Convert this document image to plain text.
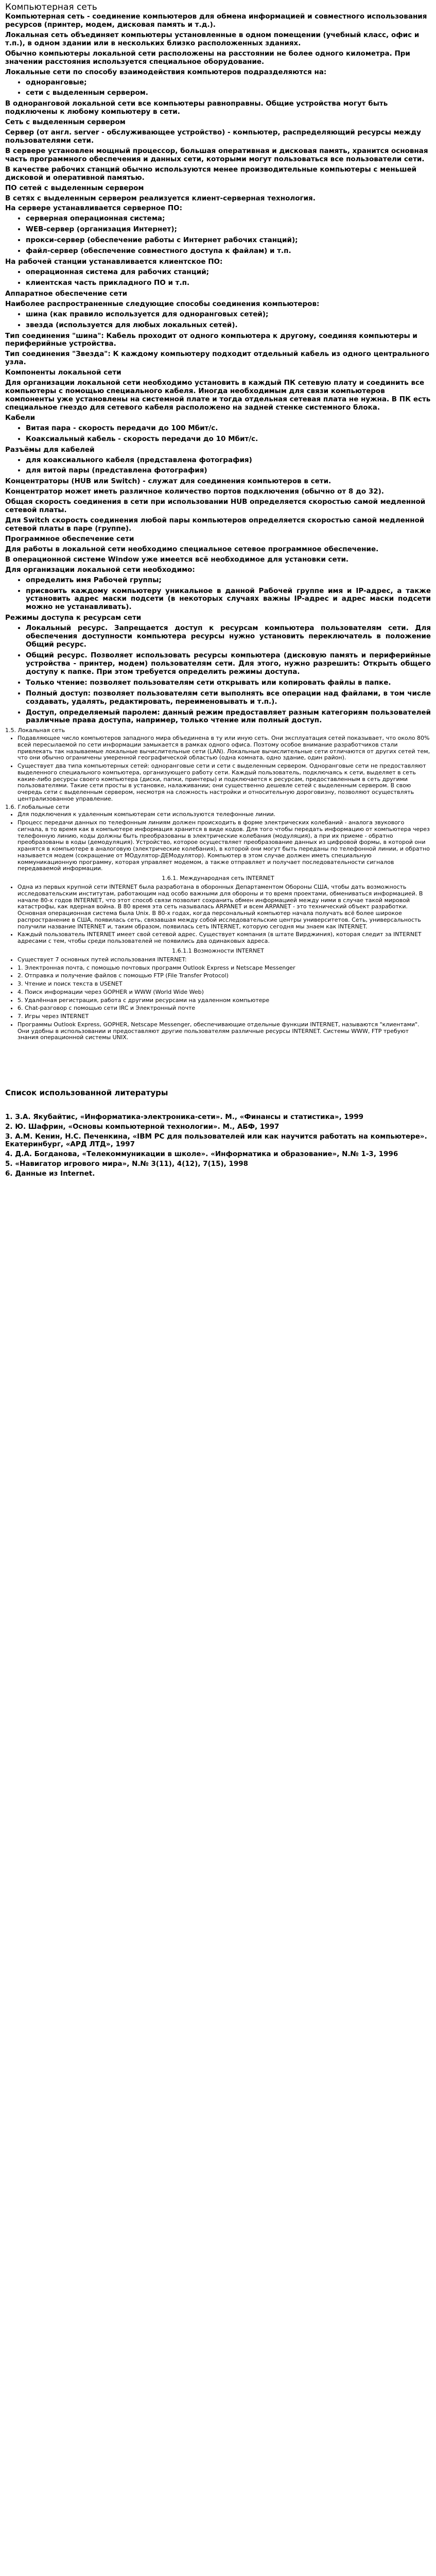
Компьютерная сеть

Компьютерная сеть - соединение компьютеров для обмена информацией и совместного использования ресурсов (принтер, модем, дисковая память и т.д.).

Локальная сеть объединяет компьютеры установленные в одном помещении (учебный класс, офис и т.п.), в одном здании или в нескольких близко расположенных зданиях.

Обычно компьютеры локальной сети расположены на расстоянии не более одного километра. При значении расстояния используется специальное оборудование.

Локальные сети по способу взаимодействия компьютеров подразделяются на:

• одноранговые;
• сети с выделенным сервером.

В одноранговой локальной сети все компьютеры равноправны. Общие устройства могут быть подключены к любому компьютеру в сети.

Сеть с выделенным сервером

Сервер (от англ. server - обслуживающее устройство) - компьютер, распределяющий ресурсы между пользователями сети.

В сервере установлен мощный процессор, большая оперативная и дисковая память, хранится основная часть программного обеспечения и данных сети, которыми могут пользоваться все пользователи сети.

В качестве рабочих станций обычно используются менее производительные компьютеры с меньшей дисковой и оперативной памятью.

ПО сетей с выделенным сервером

В сетях с выделенным сервером реализуется клиент-серверная технология.

На сервере устанавливается серверное ПО:

• серверная операционная система;
• WEB-сервер (организация Интернет);
• прокси-сервер (обеспечение работы с Интернет рабочих станций);
• файл-сервер (обеспечение совместного доступа к файлам) и т.п.

На рабочей станции устанавливается клиентское ПО:

• операционная система для рабочих станций;
• клиентская часть прикладного ПО и т.п.

Аппаратное обеспечение сети

Наиболее распространенные следующие способы соединения компьютеров:

• шина (как правило используется для одноранговых сетей);
• звезда (используется для любых локальных сетей).

Тип соединения "шина": Кабель проходит от одного компьютера к другому, соединяя компьютеры и периферийные устройства.

Тип соединения "Звезда": К каждому компьютеру подходит отдельный кабель из одного центрального узла.

Компоненты локальной сети

Для организации локальной сети необходимо установить в каждый ПК сетевую плату и соединить все компьютеры с помощью специального кабеля. Иногда необходимым для связи компьютеров компоненты уже установлены на системной плате и тогда отдельная сетевая плата не нужна. В ПК есть специальное гнездо для сетевого кабеля расположено на задней стенке системного блока.

Кабели

• Витая пара - скорость передачи до 100 Мбит/с.
• Коаксиальный кабель - скорость передачи до 10 Мбит/с.

Разъёмы для кабелей

• для коаксиального кабеля (представлена фотография)
• для витой пары (представлена фотография)

Концентраторы (HUB или Switch) - служат для соединения компьютеров в сети.

Концентратор может иметь различное количество портов подключения (обычно от 8 до 32).

Общая скорость соединения в сети при использовании HUB определяется скоростью самой медленной сетевой платы.

Для Switch скорость соединения любой пары компьютеров определяется скоростью самой медленной сетевой платы в паре (группе).

Программное обеспечение сети

Для работы в локальной сети необходимо специальное сетевое программное обеспечение.

В операционной системе Window уже имеется всё необходимое для установки сети.

Для организации локальной сети необходимо:

• определить имя Рабочей группы;
• присвоить каждому компьютеру уникальное в данной Рабочей группе имя и IP-адрес, а также установить адрес маски подсети (в некоторых случаях важны IP-адрес и адрес маски подсети можно не устанавливать).

Режимы доступа к ресурсам сети

• Локальный ресурс. Запрещается доступ к ресурсам компьютера пользователям сети. Для обеспечения доступности компьютера ресурсы нужно установить переключатель в положение Общий ресурс.
• Общий ресурс. Позволяет использовать ресурсы компьютера (дисковую память и периферийные устройства - принтер, модем) пользователям сети. Для этого, нужно разрешить: Открыть общего доступу к папке. При этом требуется определить режимы доступа.
• Только чтение: позволяет пользователям сети открывать или копировать файлы в папке.
• Полный доступ: позволяет пользователям сети выполнять все операции над файлами, в том числе создавать, удалять, редактировать, переименовывать и т.п.).
• Доступ, определяемый паролем: данный режим предоставляет разным категориям пользователей различные права доступа, например, только чтение или полный доступ.

1.5. Локальная сеть

• Подавляющее число компьютеров западного мира объединена в ту или иную сеть. Они эксплуатация сетей показывает, что около 80% всей пересылаемой по сети информации замыкается в рамках одного офиса. Поэтому особое внимание разработчиков стали привлекать так называемые локальные вычислительные сети (LAN). Локальные вычислительные сети отличаются от других сетей тем, что они обычно ограничены умеренной географической областью (одна комната, одно здание, один район).
• Существует два типа компьютерных сетей: одноранговые сети и сети с выделенным сервером. Одноранговые сети не предоставляют выделенного специального компьютера, организующего работу сети. Каждый пользователь, подключаясь к сети, выделяет в сеть какие-либо ресурсы своего компьютера (диски, папки, принтеры) и подключается к ресурсам, предоставленным в сеть другими пользователями. Такие сети просты в установке, налаживании; они существенно дешевле сетей с выделенным сервером. В свою очередь сети с выделенным сервером, несмотря на сложность настройки и относительную дороговизну, позволяют осуществлять централизованное управление.

1.6. Глобальные сети

• Для подключения к удаленным компьютерам сети используются телефонные линии.
• Процесс передачи данных по телефонным линиям должен происходить в форме электрических колебаний - аналога звукового сигнала, в то время как в компьютере информация хранится в виде кодов. Для того чтобы передать информацию от компьютера через телефонную линию, коды должны быть преобразованы в электрические колебания (модуляция), а при их приеме - обратно преобразованы в коды (демодуляция). Устройство, которое осуществляет преобразование данных из цифровой формы, в которой они хранятся в компьютере в аналоговую (электрические колебания), в которой они могут быть переданы по телефонной линии, и обратно называется модем (сокращение от МОдулятор-ДЕМодулятор). Компьютер в этом случае должен иметь специальную коммуникационную программу, которая управляет модемом, а также отправляет и получает последовательности сигналов передаваемой информации.
1.6.1. Международная сеть INTERNET
• Одна из первых крупной сети INTERNET была разработана в оборонных Департаментом Обороны США, чтобы дать возможность исследовательским институтам, работающим над особо важными для обороны и то время проектами, обмениваться информацией. В начале 80-х годов INTERNET, что этот способ связи позволит сохранить обмен информацией между ними в случае такой мировой катастрофы, как ядерная война. В 80 время эта сеть называлась ARPANET и всем ARPANET - это технический объект разработки. Основная операционная система была Unix. В 80-х годах, когда персональный компьютер начала получать всё более широкое распространение в США, появилась сеть, связавшая между собой исследовательские центры университетов. Сеть, универсальность получили название INTERNET и, таким образом, появилась сеть INTERNET, которую сегодня мы знаем как INTERNET.
• Каждый пользователь INTERNET имеет свой сетевой адрес. Существует компания (в штате Вирджиния), которая следит за INTERNET адресами с тем, чтобы среди пользователей не появились два одинаковых адреса.
1.6.1.1 Возможности INTERNET
• Существует 7 основных путей использования INTERNET:
• 1. Электронная почта, с помощью почтовых программ Outlook Express и Netscape Messenger
• 2. Отправка и получение файлов с помощью FTP (File Transfer Protocol)
• 3. Чтение и поиск текста в USENET
• 4. Поиск информации через GOPHER и WWW (World Wide Web)
• 5. Удалённая регистрация, работа с другими ресурсами на удаленном компьютере
• 6. Chat-разговор с помощью сети IRC и Электронный почте
• 7. Игры через INTERNET
• Программы Outlook Express, GOPHER, Netscape Messenger, обеспечивающие отдельные функции INTERNET, называются "клиентами". Они удобны в использовании и предоставляют другие пользователям различные ресурсы INTERNET. Системы WWW, FTP требуют знания операционной системы UNIX.
Список использованной литературы

1. З.А. Якубайтис, «Информатика-электроника-сети». М., «Финансы и статистика», 1999

2. Ю. Шафрин, «Основы компьютерной технологии». М., АБФ, 1997

3. А.М. Кенин, Н.С. Печенкина, «IBM PC для пользователей или как научится работать на компьютере». Екатеринбург, «АРД ЛТД», 1997

4. Д.А. Богданова, «Телекоммуникации в школе». «Информатика и образование», N.№ 1-3, 1996

5. «Навигатор игрового мира», N.№ 3(11), 4(12), 7(15), 1998

6. Данные из Internet.
